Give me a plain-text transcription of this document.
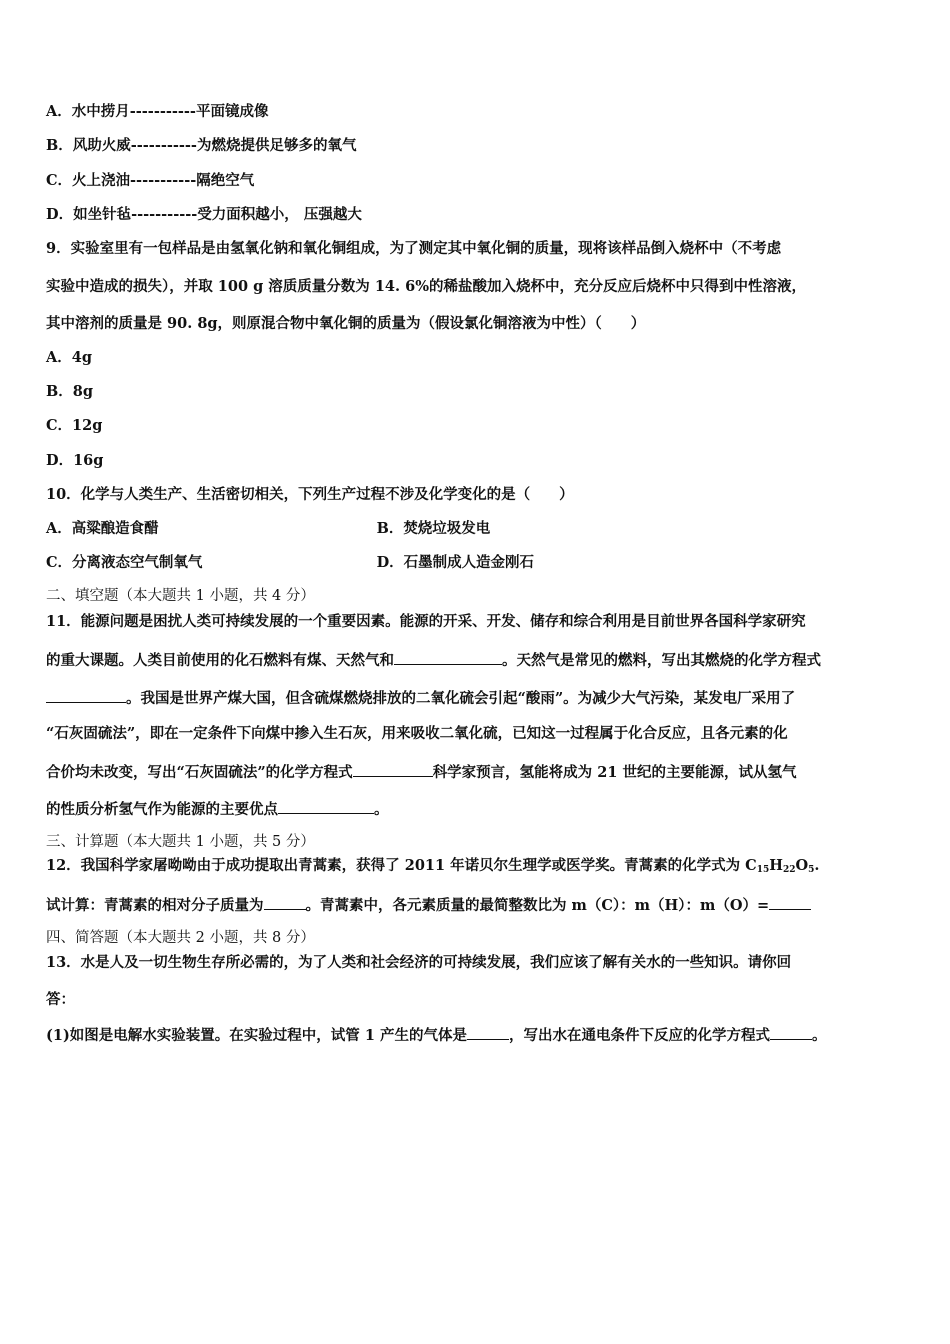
A．水中捞月-----------平面镜成像
B．风助火威-----------为燃烧提供足够多的氧气
C．火上浇油-----------隔绝空气
D．如坐针毡-----------受力面积越小， 压强越大
9．实验室里有一包样品是由氢氧化钠和氧化铜组成，为了测定其中氧化铜的质量，现将该样品倒入烧杯中（不考虑
实验中造成的损失），并取 100 g 溶质质量分数为 14. 6%的稀盐酸加入烧杯中，充分反应后烧杯中只得到中性溶液，
其中溶剂的质量是 90. 8g，则原混合物中氧化铜的质量为（假设氯化铜溶液为中性）（　　）
A．4g
B．8g
C．12g
D．16g
10．化学与人类生产、生活密切相关，下列生产过程不涉及化学变化的是（　　）
A．高粱酿造食醋	B．焚烧垃圾发电
C．分离液态空气制氧气	D．石墨制成人造金刚石
二、填空题（本大题共 1 小题，共 4 分）
11．能源问题是困扰人类可持续发展的一个重要因素。能源的开采、开发、储存和综合利用是目前世界各国科学家研究
的重大课题。人类目前使用的化石燃料有煤、天然气和	。天然气是常见的燃料，写出其燃烧的化学方程式
。我国是世界产煤大国，但含硫煤燃烧排放的二氧化硫会引起“酸雨”。为减少大气污染，某发电厂采用了
“石灰固硫法”，即在一定条件下向煤中掺入生石灰，用来吸收二氧化硫，已知这一过程属于化合反应，且各元素的化
合价均未改变，写出“石灰固硫法”的化学方程式	科学家预言，氢能将成为 21 世纪的主要能源，试从氢气
的性质分析氢气作为能源的主要优点	。
三、计算题（本大题共 1 小题，共 5 分）
12．我国科学家屠呦呦由于成功提取出青蒿素，获得了 2011 年诺贝尔生理学或医学奖。青蒿素的化学式为 $C_{15}H_{22}O_5$.
试计算：青蒿素的相对分子质量为	。青蒿素中，各元素质量的最简整数比为 m（C）：m（H）：m（O）=
四、简答题（本大题共 2 小题，共 8 分）
13．水是人及一切生物生存所必需的，为了人类和社会经济的可持续发展，我们应该了解有关水的一些知识。请你回
答：
(1)如图是电解水实验装置。在实验过程中，试管 1 产生的气体是	，写出水在通电条件下反应的化学方程式	。
